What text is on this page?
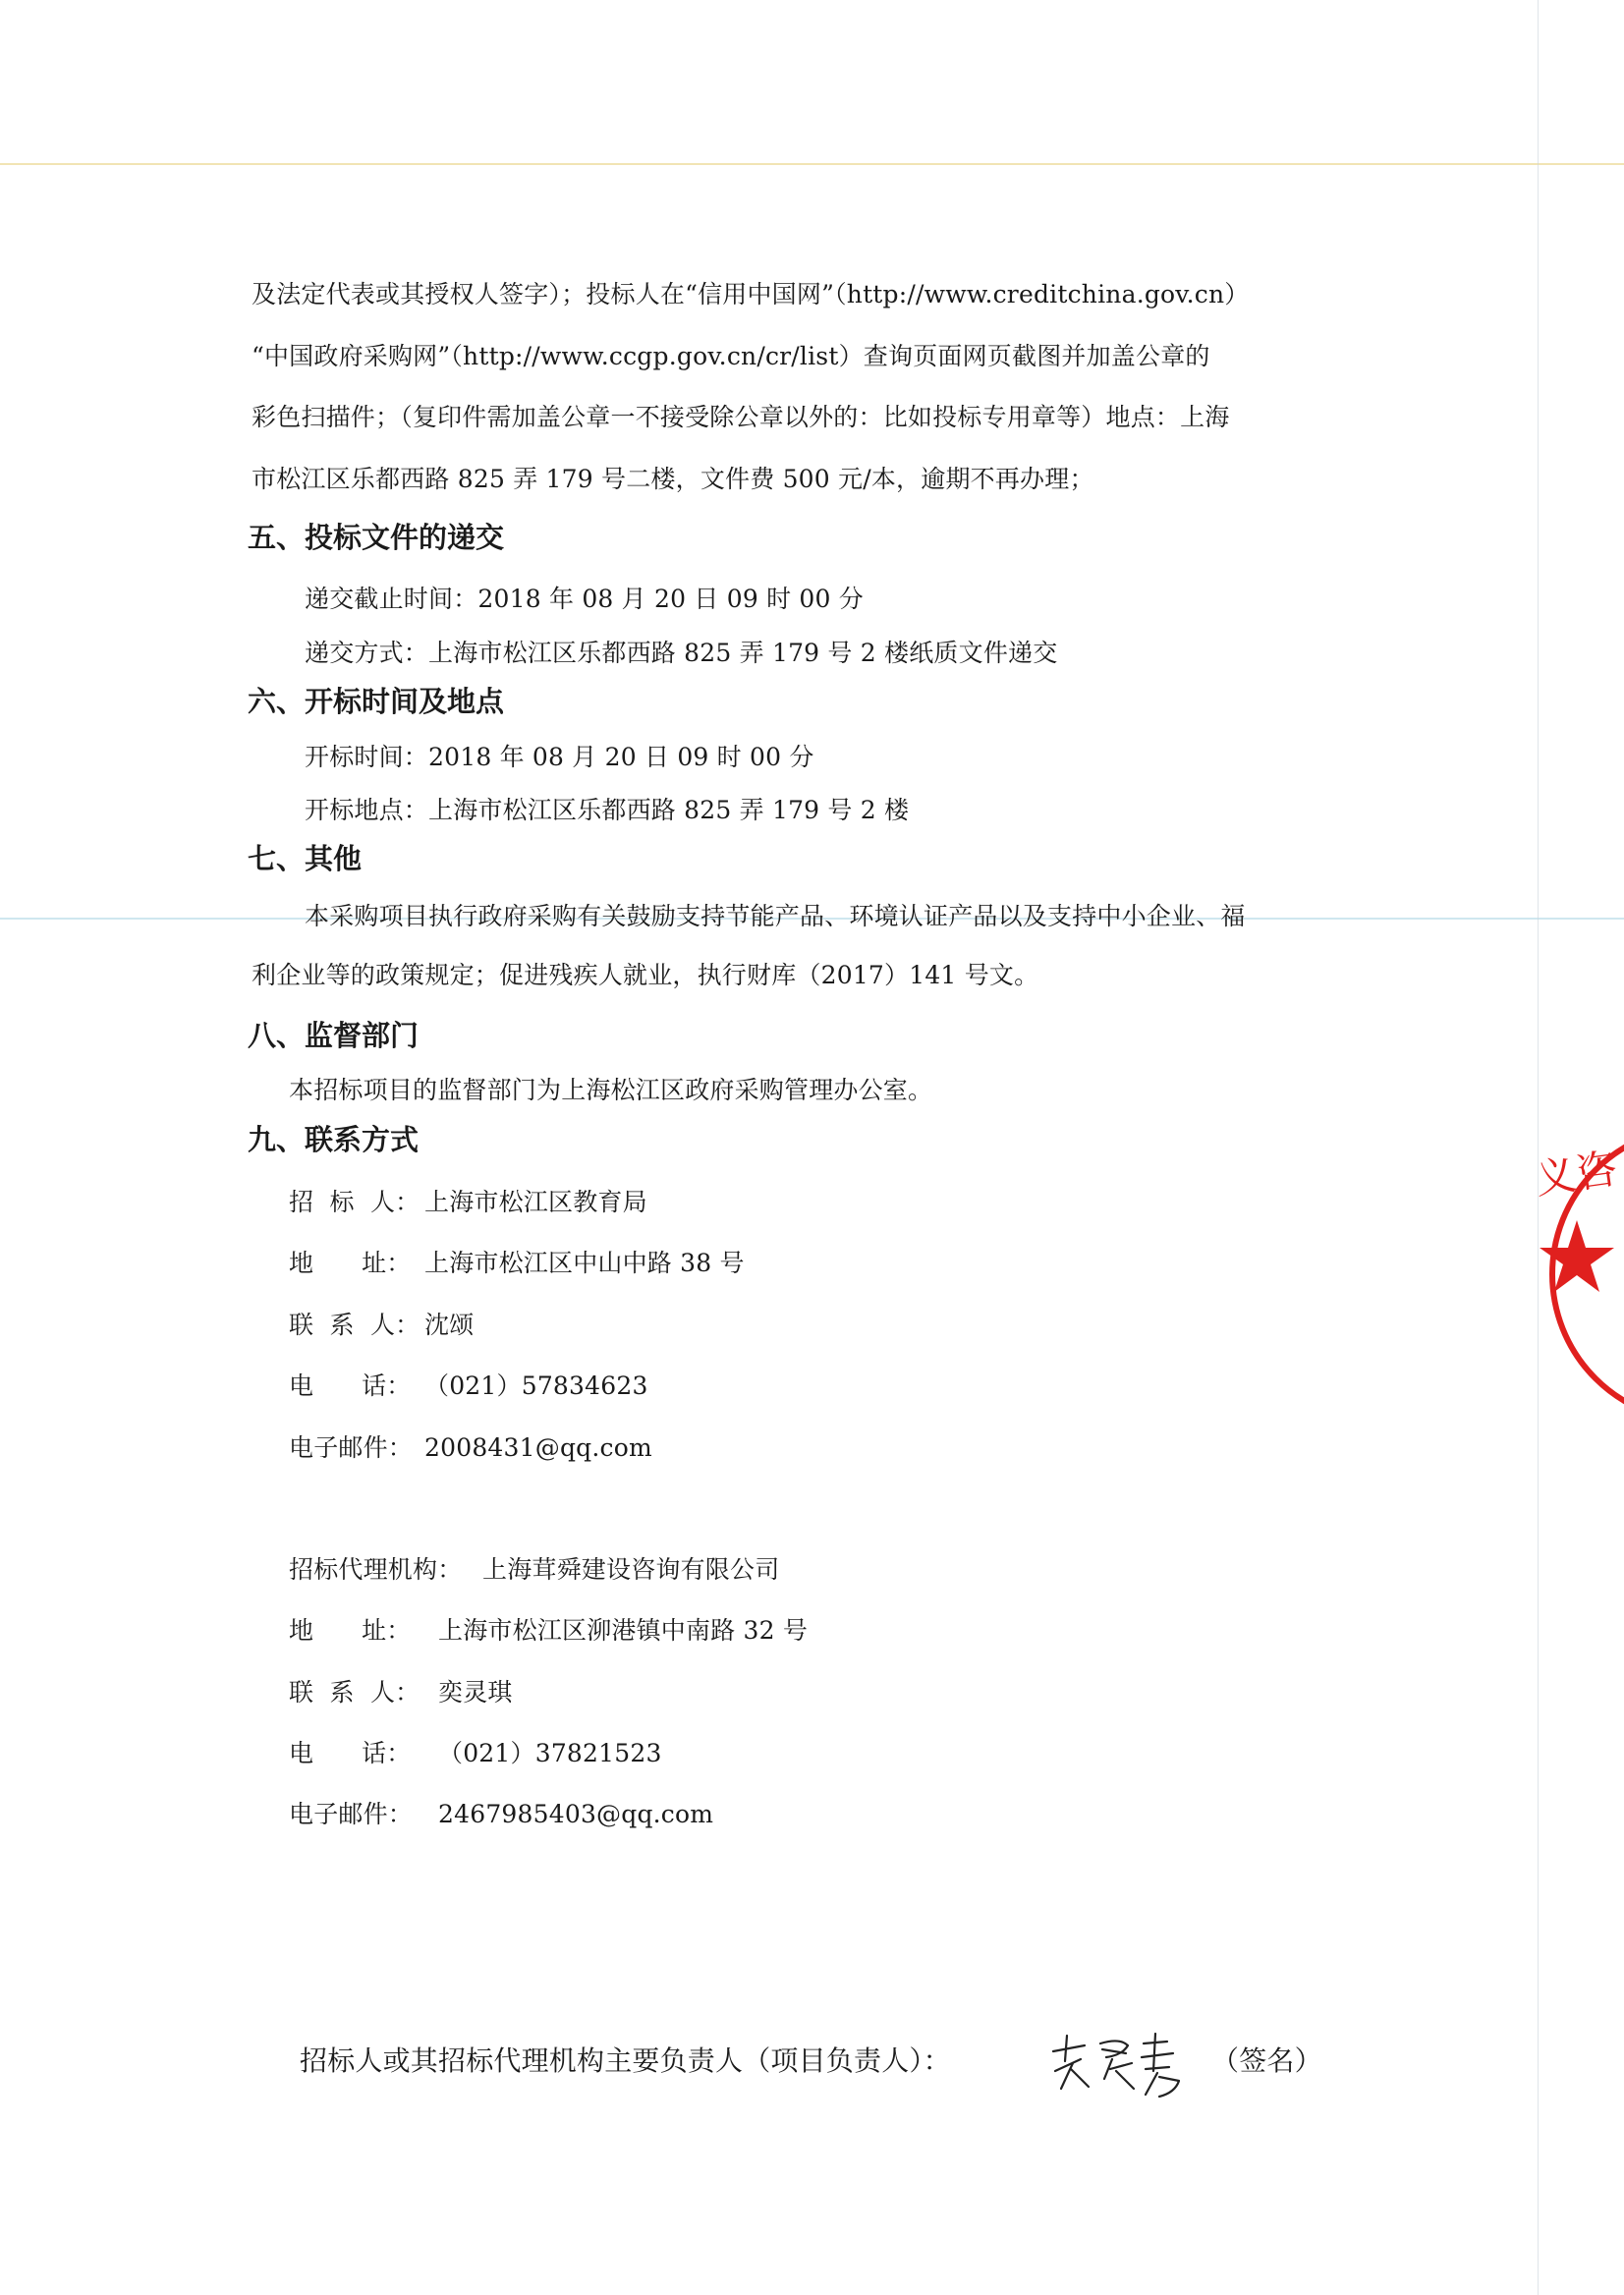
及法定代表或其授权人签字）；投标人在“信用中国网”（http://www.creditchina.gov.cn）
“中国政府采购网”（http://www.ccgp.gov.cn/cr/list）查询页面网页截图并加盖公章的
彩色扫描件；（复印件需加盖公章一不接受除公章以外的：比如投标专用章等）地点：上海
市松江区乐都西路 825 弄 179 号二楼，文件费 500 元/本，逾期不再办理；
五、投标文件的递交
递交截止时间：2018 年 08 月 20 日 09 时 00 分
递交方式：上海市松江区乐都西路 825 弄 179 号 2 楼纸质文件递交
六、开标时间及地点
开标时间：2018 年 08 月 20 日 09 时 00 分
开标地点：上海市松江区乐都西路 825 弄 179 号 2 楼
七、其他
本采购项目执行政府采购有关鼓励支持节能产品、环境认证产品以及支持中小企业、福
利企业等的政策规定；促进残疾人就业，执行财库（2017）141 号文。
八、监督部门
本招标项目的监督部门为上海松江区政府采购管理办公室。
九、联系方式
招  标  人： 上海市松江区教育局
地      址： 上海市松江区中山中路 38 号
联  系  人： 沈颂
电      话： （021）57834623
电子邮件： 2008431@qq.com
招标代理机构： 上海茸舜建设咨询有限公司
地      址： 上海市松江区泖港镇中南路 32 号
联  系  人： 奕灵琪
电      话： （021）37821523
电子邮件： 2467985403@qq.com
招标人或其招标代理机构主要负责人（项目负责人）：	（签名）
义咨
